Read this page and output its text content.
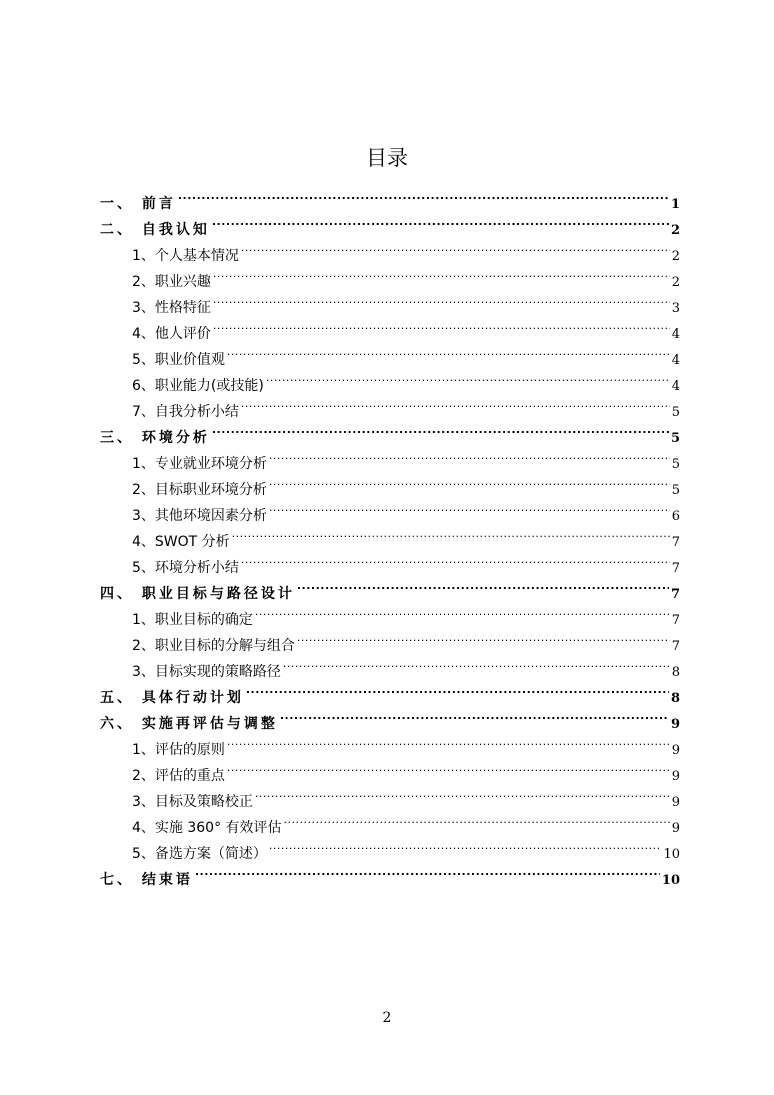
目录
一、 前言 .....	1
二、 自我认知 .....	2
1、个人基本情况 .....	2
2、职业兴趣 .....	2
3、性格特征 .....	3
4、他人评价 .....	4
5、职业价值观 .....	4
6、职业能力(或技能) .....	4
7、自我分析小结 .....	5
三、 环境分析 .....	5
1、专业就业环境分析 .....	5
2、目标职业环境分析 .....	5
3、其他环境因素分析 .....	6
4、SWOT 分析 .....	7
5、环境分析小结 .....	7
四、 职业目标与路径设计 .....	7
1、职业目标的确定 .....	7
2、职业目标的分解与组合 .....	7
3、目标实现的策略路径 .....	8
五、 具体行动计划 .....	8
六、 实施再评估与调整 .....	9
1、评估的原则 .....	9
2、评估的重点 .....	9
3、目标及策略校正 .....	9
4、实施 360° 有效评估 .....	9
5、备选方案（简述） .....	10
七、 结束语 .....	10
2
